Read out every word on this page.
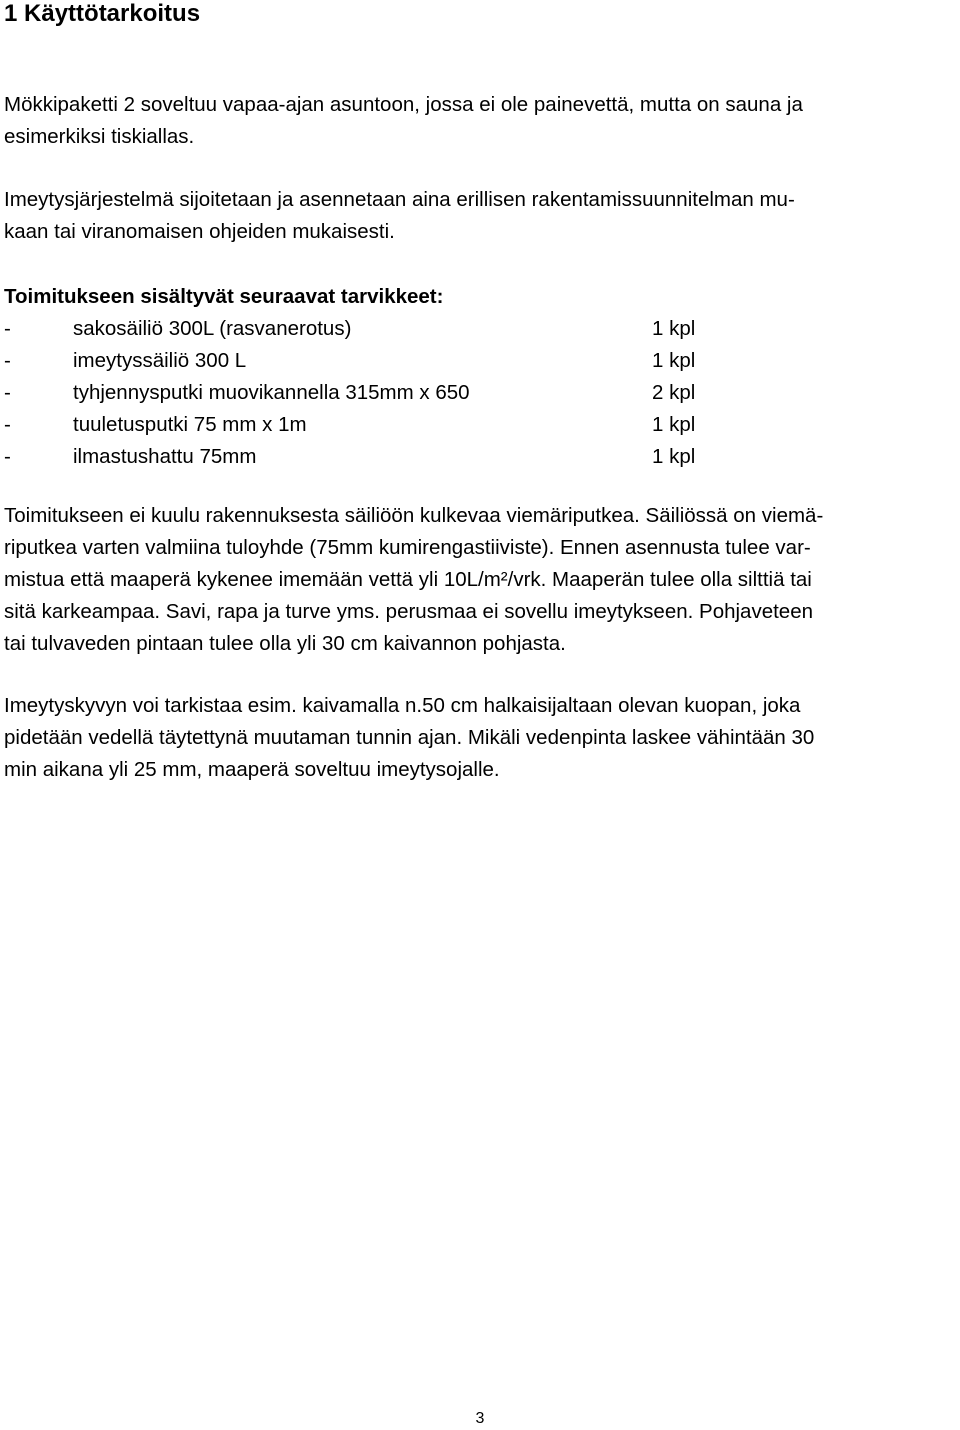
1 Käyttötarkoitus

Mökkipaketti 2 soveltuu vapaa-ajan asuntoon, jossa ei ole painevettä, mutta on sauna ja
esimerkiksi tiskiallas.

Imeytysjärjestelmä sijoitetaan ja asennetaan aina erillisen rakentamissuunnitelman mu-
kaan tai viranomaisen ohjeiden mukaisesti.

Toimitukseen sisältyvät seuraavat tarvikkeet:

-	sakosäiliö 300L (rasvanerotus)	1 kpl
-	imeytyssäiliö 300 L	1 kpl
-	tyhjennysputki muovikannella 315mm x 650	2 kpl
-	tuuletusputki 75 mm x 1m	1 kpl
-	ilmastushattu 75mm	1 kpl

Toimitukseen ei kuulu rakennuksesta säiliöön kulkevaa viemäriputkea. Säiliössä on viemä-
riputkea varten valmiina tuloyhde (75mm kumirengastiiviste). Ennen asennusta tulee var-
mistua että maaperä kykenee imemään vettä yli 10L/m²/vrk. Maaperän tulee olla silttiä tai
sitä karkeampaa. Savi, rapa ja turve yms. perusmaa ei sovellu imeytykseen. Pohjaveteen
tai tulvaveden pintaan tulee olla yli 30 cm kaivannon pohjasta.

Imeytyskyvyn voi tarkistaa esim. kaivamalla n.50 cm halkaisijaltaan olevan kuopan, joka
pidetään vedellä täytettynä muutaman tunnin ajan. Mikäli vedenpinta laskee vähintään 30
min aikana yli 25 mm, maaperä soveltuu imeytysojalle.

3
